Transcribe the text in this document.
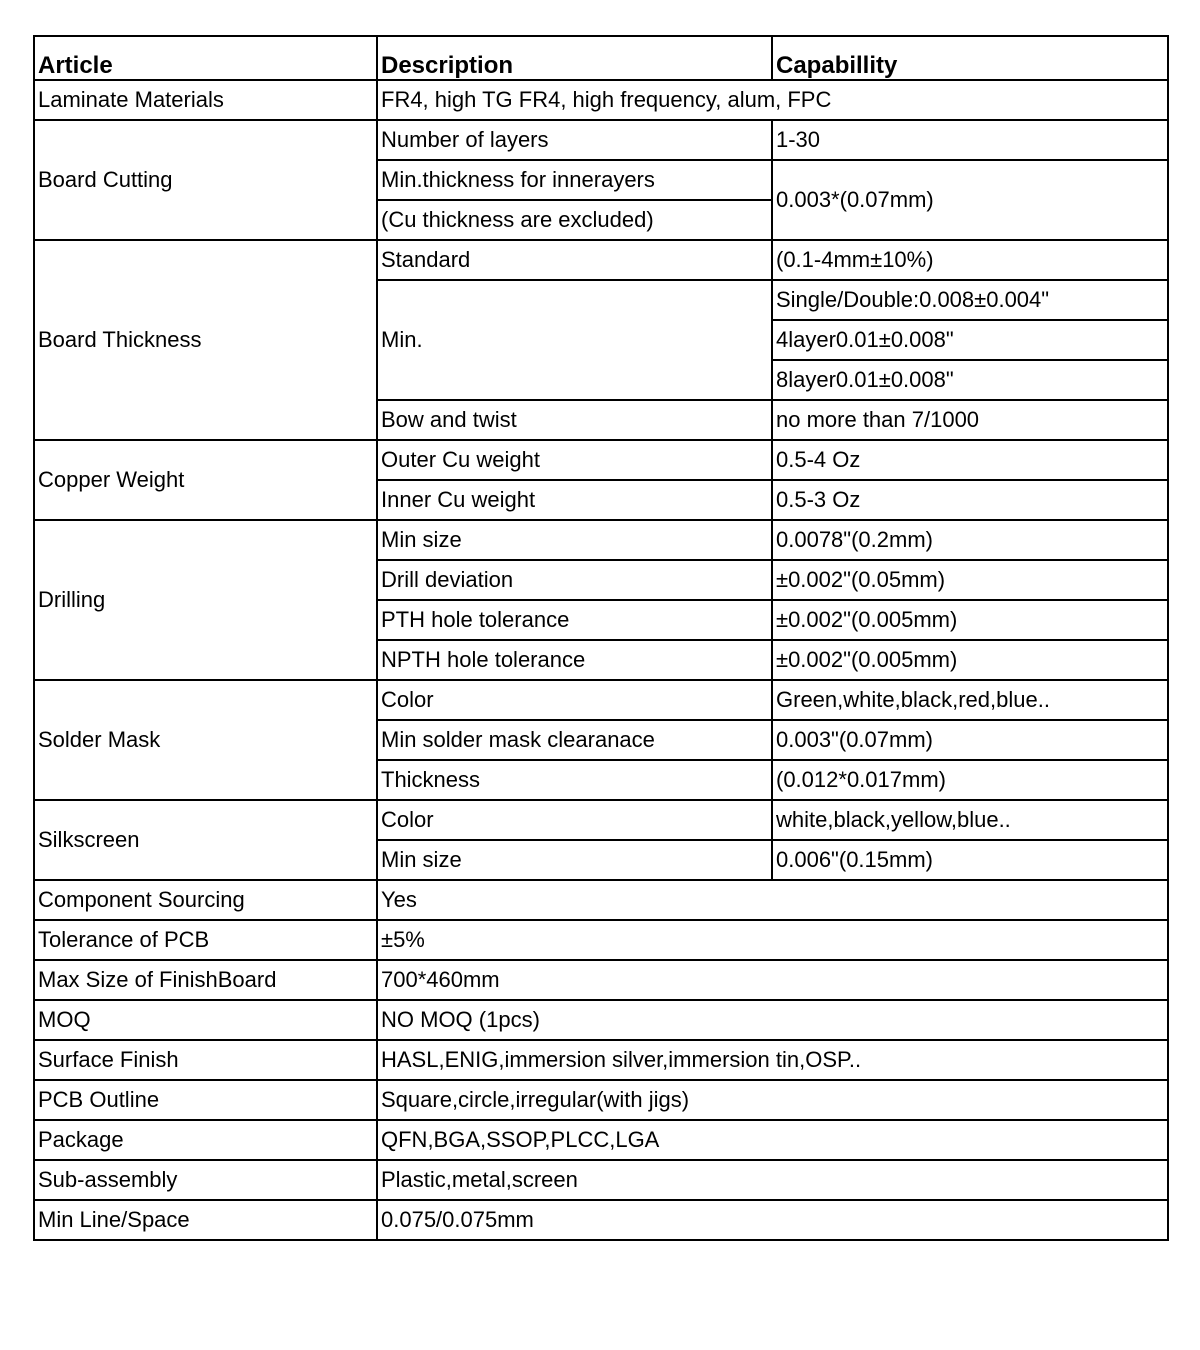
Article	Description	Capabillity
Laminate Materials	FR4, high TG FR4, high frequency, alum, FPC	
Board Cutting	Number of layers	1-30
	Min.thickness for innerayers	0.003*(0.07mm)
	(Cu thickness are excluded)	
Board Thickness	Standard	(0.1-4mm±10%)
	Min.	Single/Double:0.008±0.004"
		4layer0.01±0.008"
		8layer0.01±0.008"
	Bow and twist	no more than 7/1000
Copper Weight	Outer Cu weight	0.5-4 Oz
	Inner Cu weight	0.5-3 Oz
Drilling	Min size	0.0078"(0.2mm)
	Drill deviation	±0.002"(0.05mm)
	PTH hole tolerance	±0.002"(0.005mm)
	NPTH hole tolerance	±0.002"(0.005mm)
Solder Mask	Color	Green,white,black,red,blue..
	Min solder mask clearanace	0.003"(0.07mm)
	Thickness	(0.012*0.017mm)
Silkscreen	Color	white,black,yellow,blue..
	Min size	0.006"(0.15mm)
Component Sourcing	Yes	
Tolerance of PCB	±5%	
Max Size of FinishBoard	700*460mm	
MOQ	NO MOQ (1pcs)	
Surface Finish	HASL,ENIG,immersion silver,immersion tin,OSP..	
PCB Outline	Square,circle,irregular(with jigs)	
Package	QFN,BGA,SSOP,PLCC,LGA	
Sub-assembly	Plastic,metal,screen	
Min Line/Space	0.075/0.075mm	
